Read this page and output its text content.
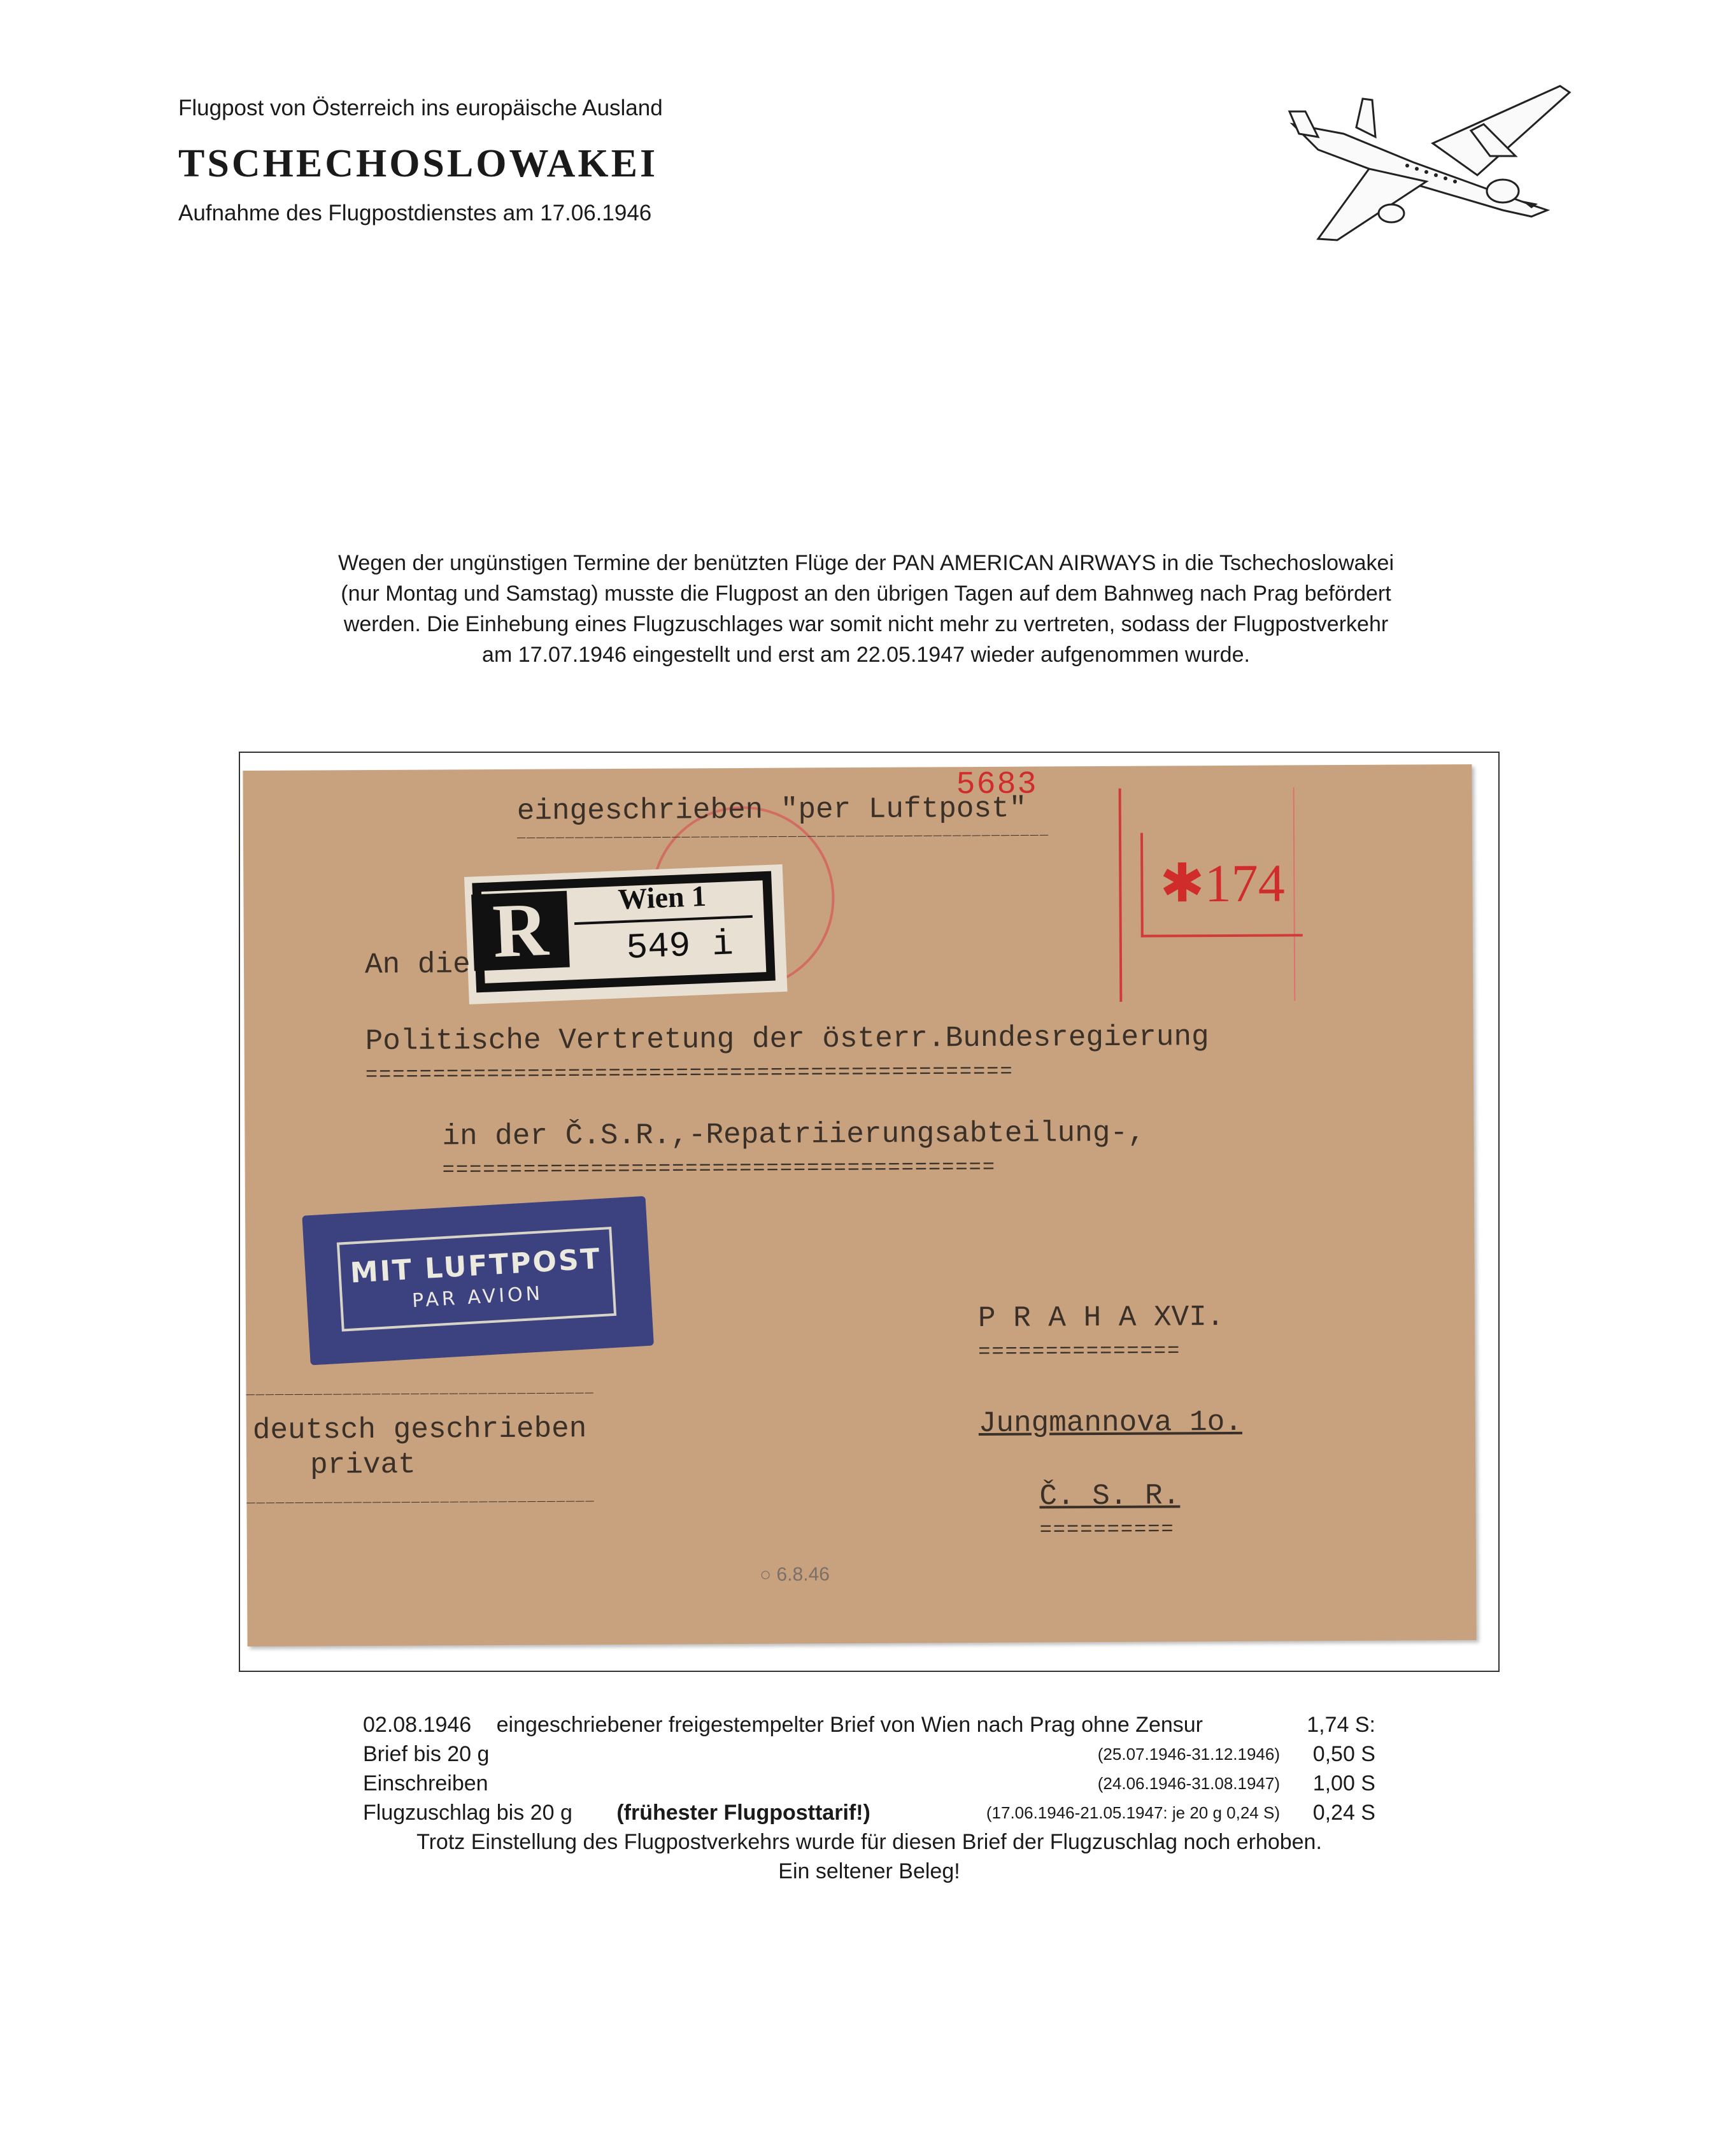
Flugpost von Österreich ins europäische Ausland
TSCHECHOSLOWAKEI
Aufnahme des Flugpostdienstes am 17.06.1946
Wegen der ungünstigen Termine der benützten Flüge der PAN AMERICAN AIRWAYS in die Tschechoslowakei
(nur Montag und Samstag) musste die Flugpost an den übrigen Tagen auf dem Bahnweg nach Prag befördert
werden. Die Einhebung eines Flugzuschlages war somit nicht mehr zu vertreten, sodass der Flugpostverkehr
am 17.07.1946 eingestellt und erst am 22.05.1947 wieder aufgenommen wurde.
5683
✱174
eingeschrieben "per Luftpost"
_______________________________________________________
R	Wien 1
549 i
An die
Politische Vertretung der österr.Bundesregierung
================================================
in der Č.S.R.,-Repatriierungsabteilung-,
=========================================
MIT LUFTPOST
PAR AVION
P R A H A XVI.
===============
Jungmannova 1o.
Č. S. R.
==========
____________________________________
deutsch geschrieben
privat
____________________________________
○ 6.8.46
02.08.1946 eingeschriebener freigestempelter Brief von Wien nach Prag ohne Zensur	1,74 S:
Brief bis 20 g	(25.07.1946-31.12.1946) 0,50 S
Einschreiben	(24.06.1946-31.08.1947) 1,00 S
Flugzuschlag bis 20 g (frühester Flugposttarif!)	(17.06.1946-21.05.1947: je 20 g 0,24 S) 0,24 S
Trotz Einstellung des Flugpostverkehrs wurde für diesen Brief der Flugzuschlag noch erhoben.
Ein seltener Beleg!
